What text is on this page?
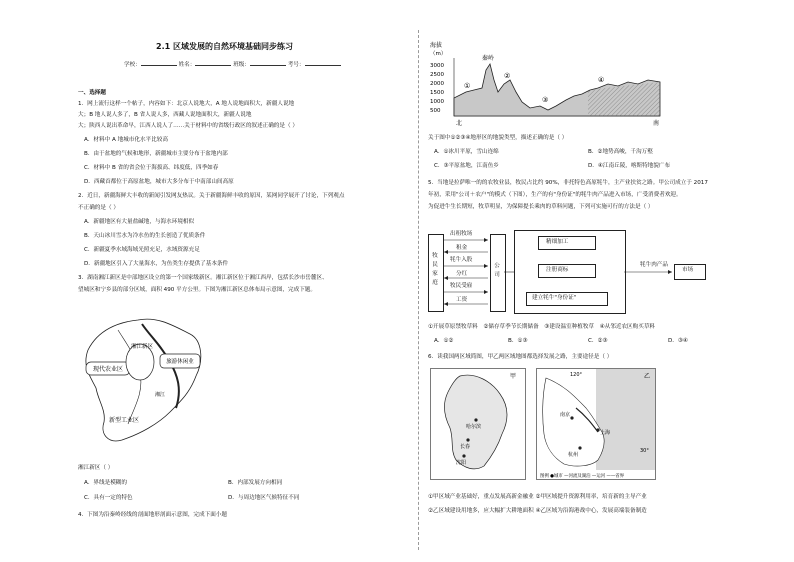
2.1 区域发展的自然环境基础同步练习
学校：	姓名：	班级：	考号：
一、选择题
1．网上流行这样一个帖子，内容如下：北京人说地大，A 地人说地面积大，新疆人说地
大；B 地人说人多了，B 省人说人多，西藏人说地面积大，新疆人说地
大；陕西人说出革命早，江西人说人了……关于材料中的省级行政区的叙述正确的是（ ）
A．材料中 A 地城市化水平比较高
B．由于盆地的气候和地形，新疆城市主要分布于盆地内部
C．材料中 B 省的省会位于海拔高、纬度低，四季如春
D．西藏首都位于高原盆地，城市大多分布于中南部山间高原
2．近日，新疆海鲜大丰收的新闻引发网友热议。关于新疆海鲜丰收的原因，某网同学展开了讨论，下列观点
不正确的是（ ）
A．新疆地区有大量盐碱地，与海水环境相似
B．天山冰川雪水为冷水鱼的生长创造了优质条件
C．新疆夏季水域海域光照充足，水域资源充足
D．新疆地区引入了大量海水，为鱼类生存提供了基本条件
3．湖南湘江新区是中部地区设立的第一个国家级新区。湘江新区位于湘江西岸，包括长沙市岳麓区、
望城区和宁乡县的部分区域，面积 490 平方公里。下图为湘江新区总体布局示意图，完成下题。
现代农业区
湘江新区
旅游休闲业
新型工业区
湘江
湘江新区（ ）
A．界线是模糊的	B．内部发展方向相同
C．具有一定的特色	D．与周边地区气候特征不同
4．下图为沿秦岭经线的剖面地形剖面示意图，完成下面小题
海拔
（m）
3000
2500
2000
1500
1000
500
秦岭
①
②
③
④
北	南
关于图中①②③④地形区的地貌类型，描述正确的是（ ）
A．①冰川平原，雪山连绵	B．②地势高峻，千沟万壑
C．③平原盆地，江南鱼乡	D．④江南丘陵，喀斯特地貌广布
5．当地是拉萨唯一的的农牧业县，牧民占比约 90%，非托特色高原牦牛，主产业扶贫之路。甲公司成立于 2017
年初，采用"公司＋农户"的模式（下图），生产的有"身份证"的牦牛肉产品进入市场，广受消费者欢迎。
为促进牛生长期短，牧草明显，为保障提长乘肉的草料问题，下列可实施可行的方法是（ ）
牧民家庭
公司
出租牧场
租金
牦牛入股
分红
牧民受雇
工资
精细加工
注册商标
建立牦牛"身份证"
牦牛肉产品
市场
①开展草原禁牧草料　②储存草季节长期储备　③建设温室种植牧草　④从邻近农区购买草料
A．①②	B．①③	C．②③	D．③④
6．读我国两区域简图，甲乙两区域地图都选择发展之路，主要途径是（ ）
甲
哈尔滨
长春
沈阳
乙
120°
30°
上海
南京
杭州
图例 ●城市 —河流及湖泊 —运河 ——省界
①甲区域产业基础好，重点发展高新金融业 ②甲区域提升资源利用率，培育新的主导产业
②乙区域建设用地多，应大幅扩大耕地面积 ④乙区域为沿海港战中心，发展高端装备制造
